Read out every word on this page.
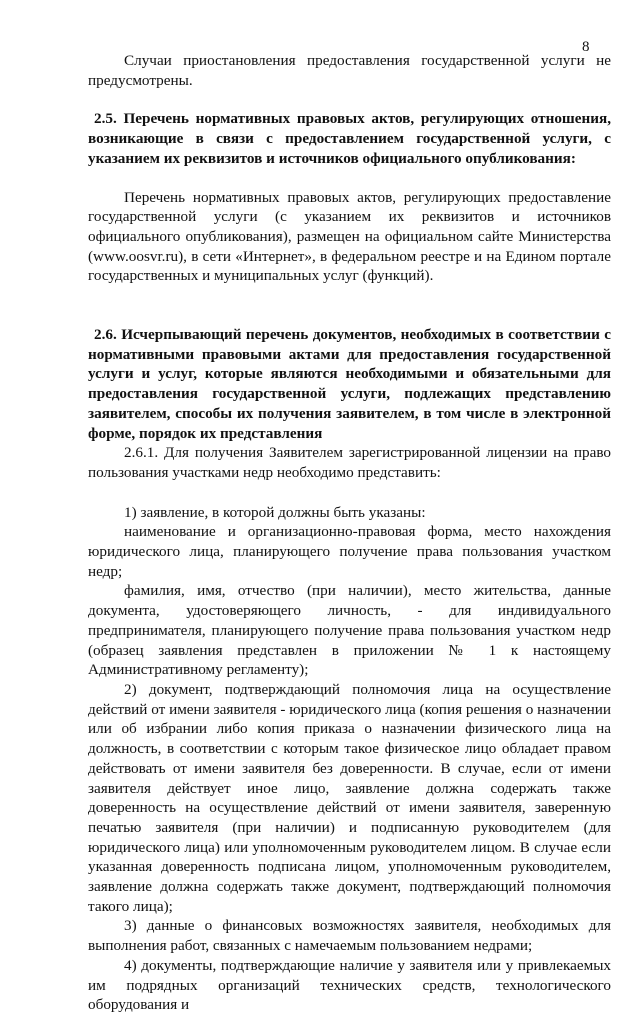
8

Случаи приостановления предоставления государственной услуги не предусмотрены.

2.5. Перечень нормативных правовых актов, регулирующих отношения, возникающие в связи с предоставлением государственной услуги, с указанием их реквизитов и источников официального опубликования:

Перечень нормативных правовых актов, регулирующих предоставление государственной услуги (с указанием их реквизитов и источников официального опубликования), размещен на официальном сайте Министерства (www.oosvr.ru), в сети «Интернет», в федеральном реестре и на Едином портале государственных и муниципальных услуг (функций).

2.6. Исчерпывающий перечень документов, необходимых в соответствии с нормативными правовыми актами для предоставления государственной услуги и услуг, которые являются необходимыми и обязательными для предоставления государственной услуги, подлежащих представлению заявителем, способы их получения заявителем, в том числе в электронной форме, порядок их представления

2.6.1. Для получения Заявителем зарегистрированной лицензии на право пользования участками недр необходимо представить:

1) заявление, в которой должны быть указаны:

наименование и организационно-правовая форма, место нахождения юридического лица, планирующего получение права пользования участком недр;

фамилия, имя, отчество (при наличии), место жительства, данные документа, удостоверяющего личность, - для индивидуального предпринимателя, планирующего получение права пользования участком недр (образец заявления представлен в приложении № 1 к настоящему Административному регламенту);

2) документ, подтверждающий полномочия лица на осуществление действий от имени заявителя - юридического лица (копия решения о назначении или об избрании либо копия приказа о назначении физического лица на должность, в соответствии с которым такое физическое лицо обладает правом действовать от имени заявителя без доверенности. В случае, если от имени заявителя действует иное лицо, заявление должна содержать также доверенность на осуществление действий от имени заявителя, заверенную печатью заявителя (при наличии) и подписанную руководителем (для юридического лица) или уполномоченным руководителем лицом. В случае если указанная доверенность подписана лицом, уполномоченным руководителем, заявление должна содержать также документ, подтверждающий полномочия такого лица);

3) данные о финансовых возможностях заявителя, необходимых для выполнения работ, связанных с намечаемым пользованием недрами;

4) документы, подтверждающие наличие у заявителя или у привлекаемых им подрядных организаций технических средств, технологического оборудования и
